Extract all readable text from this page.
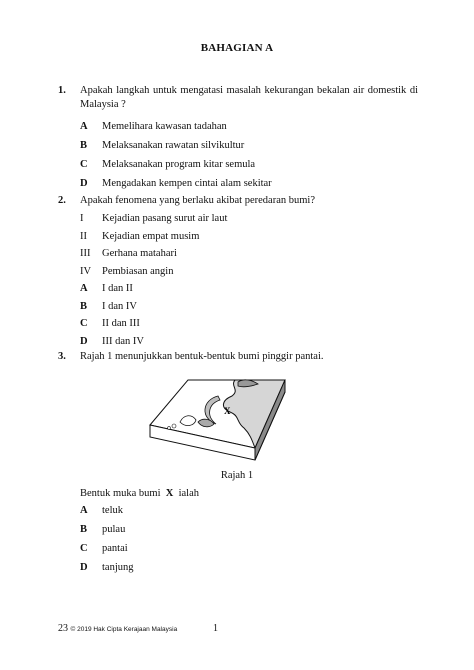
BAHAGIAN A
1. Apakah langkah untuk mengatasi masalah kekurangan bekalan air domestik di Malaysia ?
A Memelihara kawasan tadahan
B Melaksanakan rawatan silvikultur
C Melaksanakan program kitar semula
D Mengadakan kempen cintai alam sekitar
2. Apakah fenomena yang berlaku akibat peredaran bumi?
I Kejadian pasang surut air laut
II Kejadian empat musim
III Gerhana matahari
IV Pembiasan angin
A I dan II
B I dan IV
C II dan III
D III dan IV
3. Rajah 1 menunjukkan bentuk-bentuk bumi pinggir pantai.
X
Rajah 1
Bentuk muka bumi X ialah
A teluk
B pulau
C pantai
D tanjung
23 © 2019 Hak Cipta Kerajaan Malaysia	1
